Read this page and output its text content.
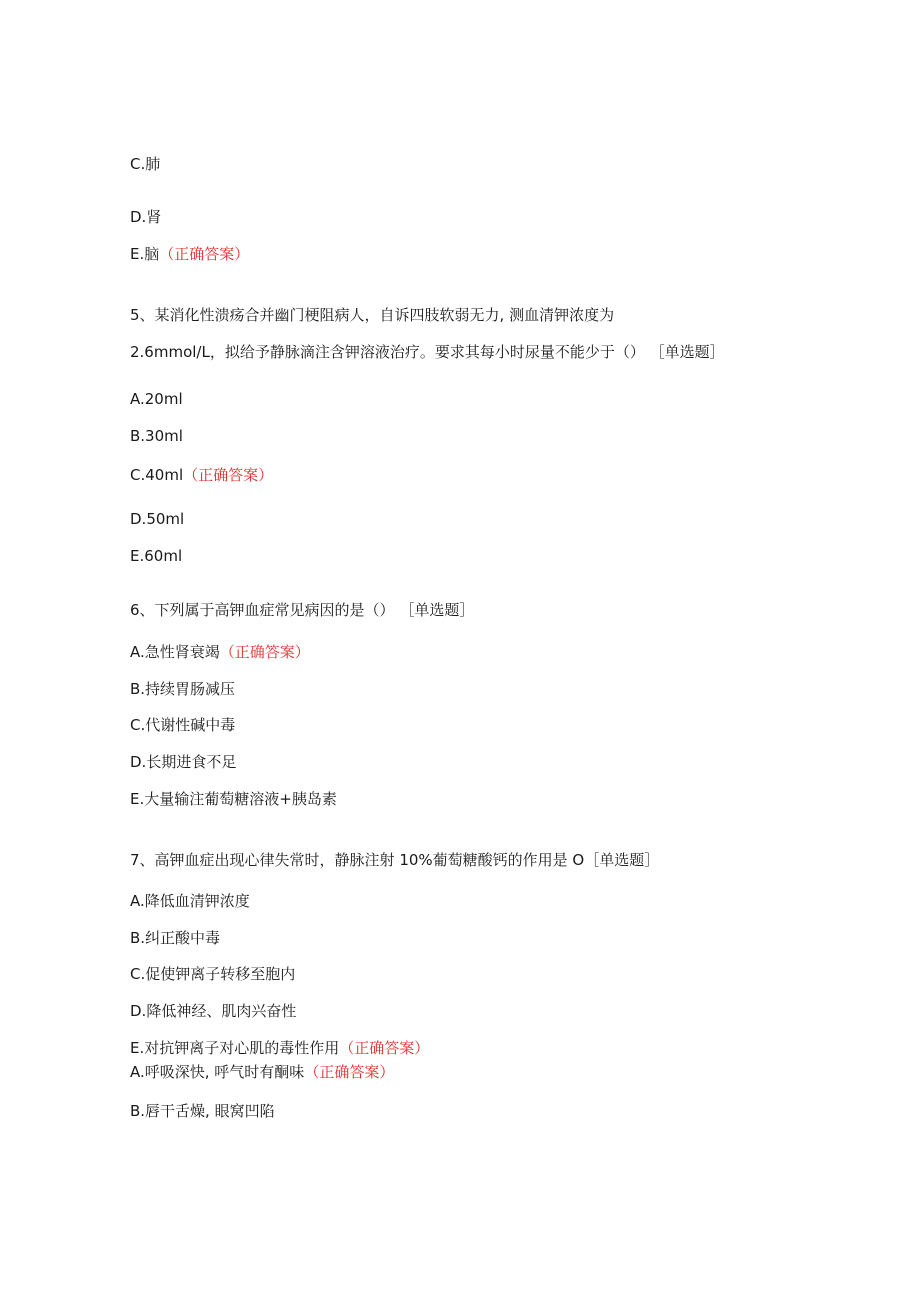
C.肺
D.肾
E.脑（正确答案）
5、某消化性溃疡合并幽门梗阻病人，自诉四肢软弱无力, 测血清钾浓度为
2.6mmol/L，拟给予静脉滴注含钾溶液治疗。要求其每小时尿量不能少于（） ［单选题］
A.20ml
B.30ml
C.40ml（正确答案）
D.50ml
E.60ml
6、下列属于高钾血症常见病因的是（） ［单选题］
A.急性肾衰竭（正确答案）
B.持续胃肠减压
C.代谢性碱中毒
D.长期进食不足
E.大量输注葡萄糖溶液+胰岛素
7、高钾血症出现心律失常时，静脉注射 10%葡萄糖酸钙的作用是 O［单选题］
A.降低血清钾浓度
B.纠正酸中毒
C.促使钾离子转移至胞内
D.降低神经、肌肉兴奋性
E.对抗钾离子对心肌的毒性作用（正确答案）
A.呼吸深快, 呼气时有酮味（正确答案）
B.唇干舌燥, 眼窝凹陷
